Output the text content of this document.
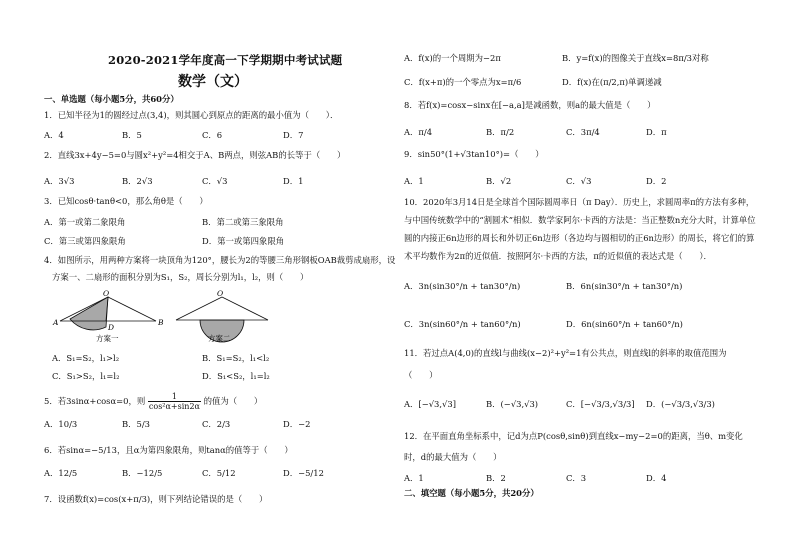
2020-2021学年度高一下学期期中考试试题
数学（文）
一、单选题（每小题5分，共60分）
1．已知半径为1的圆经过点(3,4)，则其圆心到原点的距离的最小值为（　　）．
A．4	B．5	C．6	D．7
2．直线3x+4y−5=0与圆x²+y²=4相交于A、B两点，则弦AB的长等于（　　）
A．3√3	B．2√3	C．√3	D．1
3．已知cosθ·tanθ<0，那么角θ是（　　）
A．第一或第二象限角	B．第二或第三象限角
C．第三或第四象限角	D．第一或第四象限角
4．如图所示，用两种方案将一块顶角为120°，腰长为2的等腰三角形钢板OAB裁剪成扇形，设
方案一、二扇形的面积分别为S₁，S₂，周长分别为l₁，l₂，则（　　）
O
A	B
D
方案一
O
方案二
A．S₁=S₂，l₁>l₂	B．S₁=S₂，l₁<l₂
C．S₁>S₂，l₁=l₂	D．S₁<S₂，l₁=l₂
5．若3sinα+cosα=0，则 $\frac{1}{\text{cos²α+sin2α}}$ 的值为（　　）
A．10/3	B．5/3	C．2/3	D．−2
6．若sinα=−5/13，且α为第四象限角，则tanα的值等于（　　）
A．12/5	B．−12/5	C．5/12	D．−5/12
7．设函数f(x)=cos(x+π/3)，则下列结论错误的是（　　）
A．f(x)的一个周期为−2π	B．y=f(x)的图像关于直线x=8π/3对称
C．f(x+π)的一个零点为x=π/6	D．f(x)在(π/2,π)单调递减
8．若f(x)=cosx−sinx在[−a,a]是减函数，则a的最大值是（　　）
A．π/4	B．π/2	C．3π/4	D．π
9．sin50°(1+√3tan10°)=（　　）
A．1	B．√2	C．√3	D．2
10．2020年3月14日是全球首个国际圆周率日（π Day）．历史上，求圆周率π的方法有多种，
与中国传统数学中的“割圆术”相似．数学家阿尔·卡西的方法是：当正整数n充分大时，计算单位
圆的内接正6n边形的周长和外切正6n边形（各边均与圆相切的正6n边形）的周长，将它们的算
术平均数作为2π的近似值．按照阿尔·卡西的方法，π的近似值的表达式是（　　）．
A．3n(sin30°/n + tan30°/n)	B．6n(sin30°/n + tan30°/n)
C．3n(sin60°/n + tan60°/n)	D．6n(sin60°/n + tan60°/n)
11．若过点A(4,0)的直线l与曲线(x−2)²+y²=1有公共点，则直线l的斜率的取值范围为
（　　）
A．[−√3,√3]	B．(−√3,√3)	C．[−√3/3,√3/3] D．(−√3/3,√3/3)
12．在平面直角坐标系中，记d为点P(cosθ,sinθ)到直线x−my−2=0的距离，当θ、m变化
时，d的最大值为（　　）
A．1	B．2	C．3	D．4
二、填空题（每小题5分，共20分）
